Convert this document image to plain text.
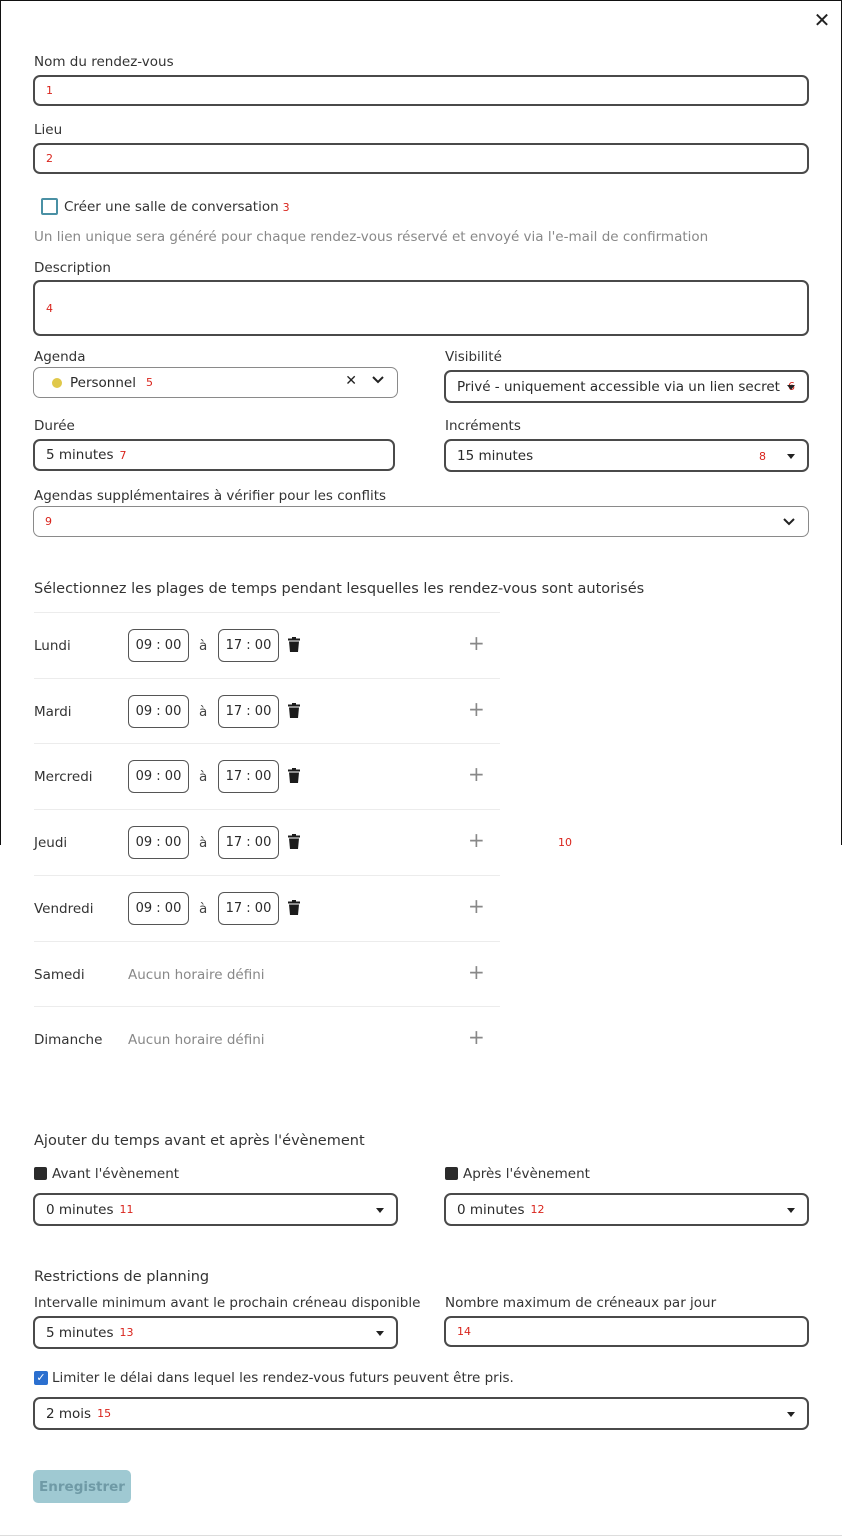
✕
Nom du rendez-vous
1
Lieu
2
Créer une salle de conversation 3
Un lien unique sera généré pour chaque rendez-vous réservé et envoyé via l'e-mail de confirmation
Description
4
Agenda
Personnel 5	✕
Visibilité
Privé - uniquement accessible via un lien secret 6
Durée
5 minutes 7
Incréments
15 minutes	8
Agendas supplémentaires à vérifier pour les conflits
9
Sélectionnez les plages de temps pendant lesquelles les rendez-vous sont autorisés
10
Lundi	09 : 00	à	17 : 00	+
Mardi	09 : 00	à	17 : 00	+
Mercredi	09 : 00	à	17 : 00	+
Jeudi	09 : 00	à	17 : 00	+
Vendredi	09 : 00	à	17 : 00	+
Samedi	Aucun horaire défini	+
Dimanche Aucun horaire défini	+
Ajouter du temps avant et après l'évènement
Avant l'évènement
0 minutes 11
Après l'évènement
0 minutes 12
Restrictions de planning
Intervalle minimum avant le prochain créneau disponible
5 minutes 13
Nombre maximum de créneaux par jour
14
✓ Limiter le délai dans lequel les rendez-vous futurs peuvent être pris.
2 mois 15
Enregistrer
